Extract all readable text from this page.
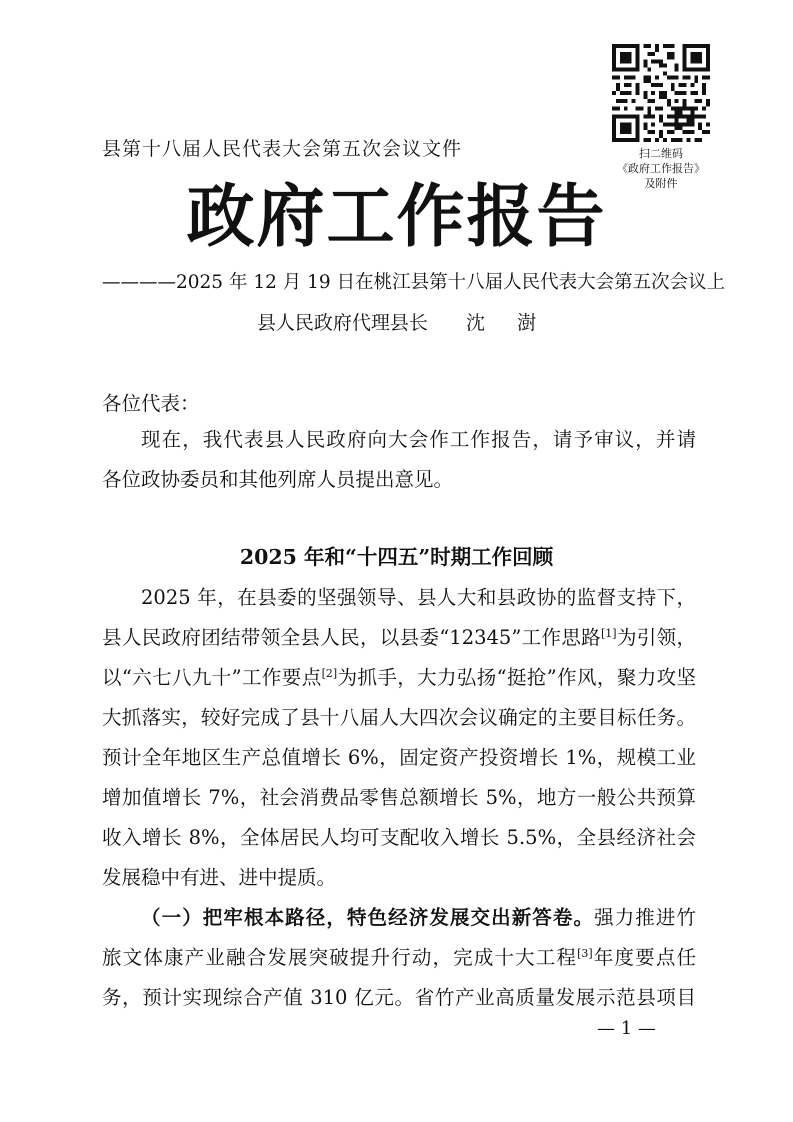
扫二维码
《政府工作报告》
及附件
县第十八届人民代表大会第五次会议文件
政府工作报告
————2025 年 12 月 19 日在桃江县第十八届人民代表大会第五次会议上
县人民政府代理县长 沈 澍
各位代表：
现在，我代表县人民政府向大会作工作报告，请予审议，并请
各位政协委员和其他列席人员提出意见。
2025 年和“十四五”时期工作回顾
2025 年，在县委的坚强领导、县人大和县政协的监督支持下，
县人民政府团结带领全县人民，以县委“12345”工作思路[1]为引领，
以“六七八九十”工作要点[2]为抓手，大力弘扬“挺抢”作风，聚力攻坚
大抓落实，较好完成了县十八届人大四次会议确定的主要目标任务。
预计全年地区生产总值增长 6%，固定资产投资增长 1%，规模工业
增加值增长 7%，社会消费品零售总额增长 5%，地方一般公共预算
收入增长 8%，全体居民人均可支配收入增长 5.5%，全县经济社会
发展稳中有进、进中提质。
（一）把牢根本路径，特色经济发展交出新答卷。强力推进竹
旅文体康产业融合发展突破提升行动，完成十大工程[3]年度要点任
务，预计实现综合产值 310 亿元。省竹产业高质量发展示范县项目
— 1 —
